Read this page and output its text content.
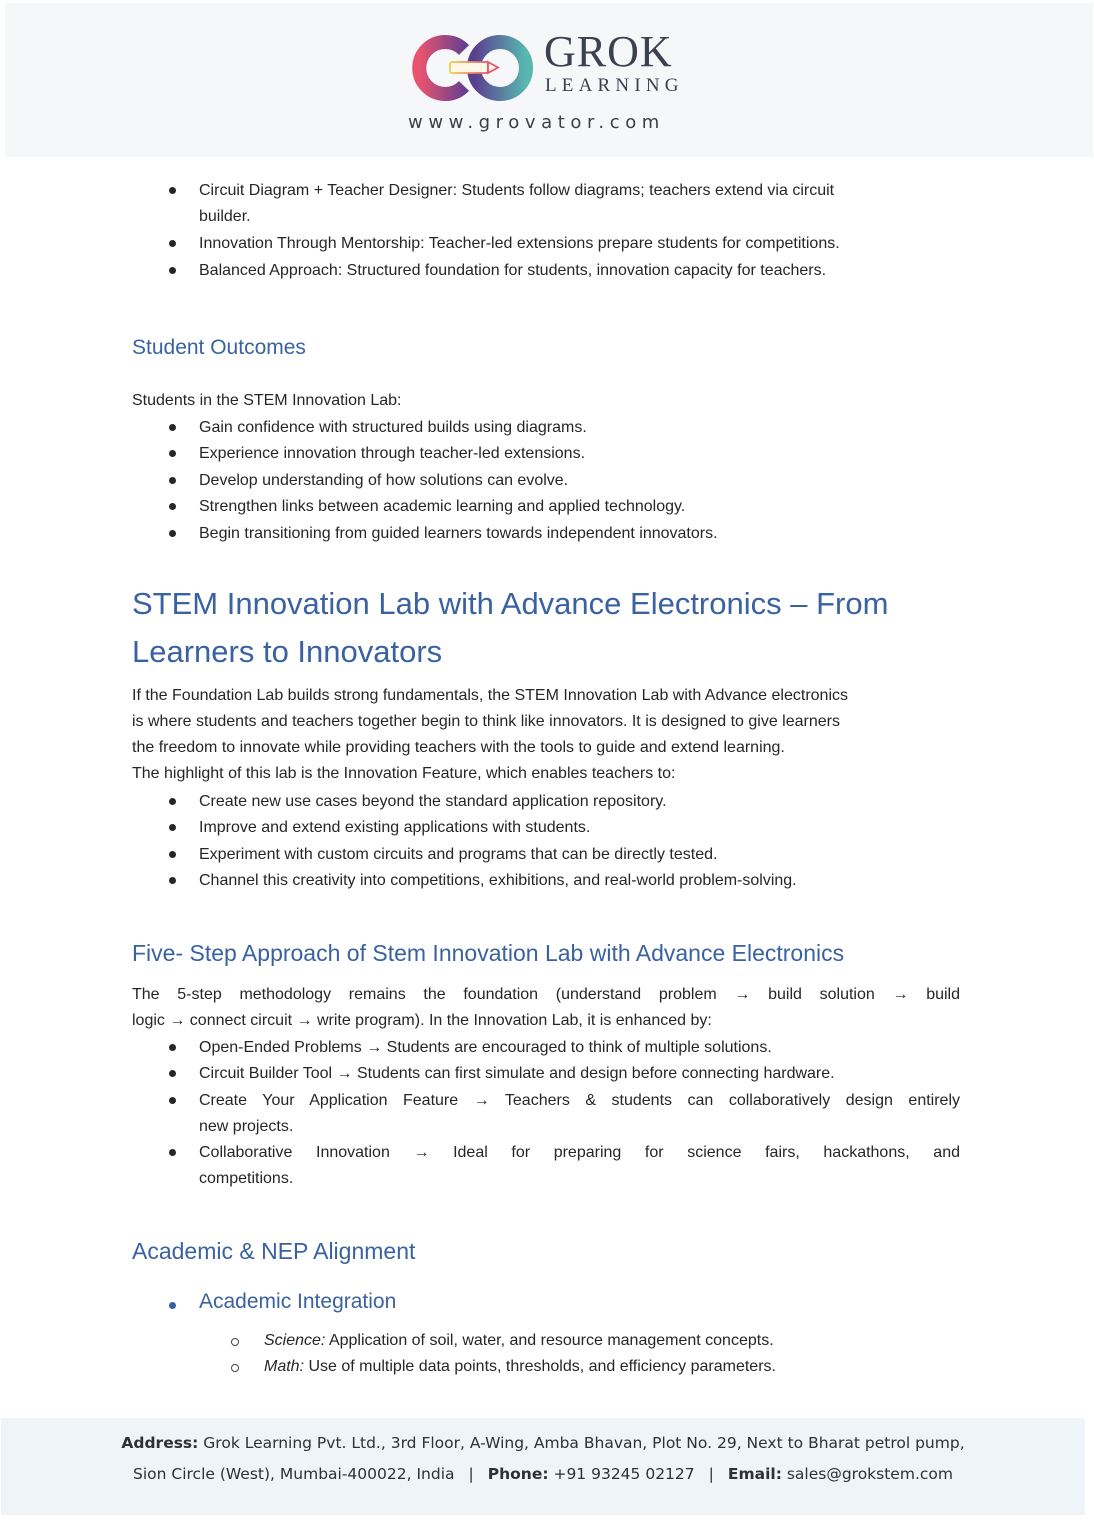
GROK
LEARNING
www.grovator.com
Circuit Diagram + Teacher Designer: Students follow diagrams; teachers extend via circuit
builder.
Innovation Through Mentorship: Teacher-led extensions prepare students for competitions.
Balanced Approach: Structured foundation for students, innovation capacity for teachers.
Student Outcomes
Students in the STEM Innovation Lab:
Gain confidence with structured builds using diagrams.
Experience innovation through teacher-led extensions.
Develop understanding of how solutions can evolve.
Strengthen links between academic learning and applied technology.
Begin transitioning from guided learners towards independent innovators.
STEM Innovation Lab with Advance Electronics – From
Learners to Innovators
If the Foundation Lab builds strong fundamentals, the STEM Innovation Lab with Advance electronics
is where students and teachers together begin to think like innovators. It is designed to give learners
the freedom to innovate while providing teachers with the tools to guide and extend learning.
The highlight of this lab is the Innovation Feature, which enables teachers to:
Create new use cases beyond the standard application repository.
Improve and extend existing applications with students.
Experiment with custom circuits and programs that can be directly tested.
Channel this creativity into competitions, exhibitions, and real-world problem-solving.
Five- Step Approach of Stem Innovation Lab with Advance Electronics
The 5-step methodology remains the foundation (understand problem → build solution → build
logic → connect circuit → write program). In the Innovation Lab, it is enhanced by:
Open-Ended Problems → Students are encouraged to think of multiple solutions.
Circuit Builder Tool → Students can first simulate and design before connecting hardware.
Create Your Application Feature → Teachers & students can collaboratively design entirely
new projects.
Collaborative Innovation → Ideal for preparing for science fairs, hackathons, and
competitions.
Academic & NEP Alignment
Academic Integration
Science: Application of soil, water, and resource management concepts.
Math: Use of multiple data points, thresholds, and efficiency parameters.
Address: Grok Learning Pvt. Ltd., 3rd Floor, A-Wing, Amba Bhavan, Plot No. 29, Next to Bharat petrol pump,
Sion Circle (West), Mumbai-400022, India | Phone: +91 93245 02127 | Email: sales@grokstem.com
